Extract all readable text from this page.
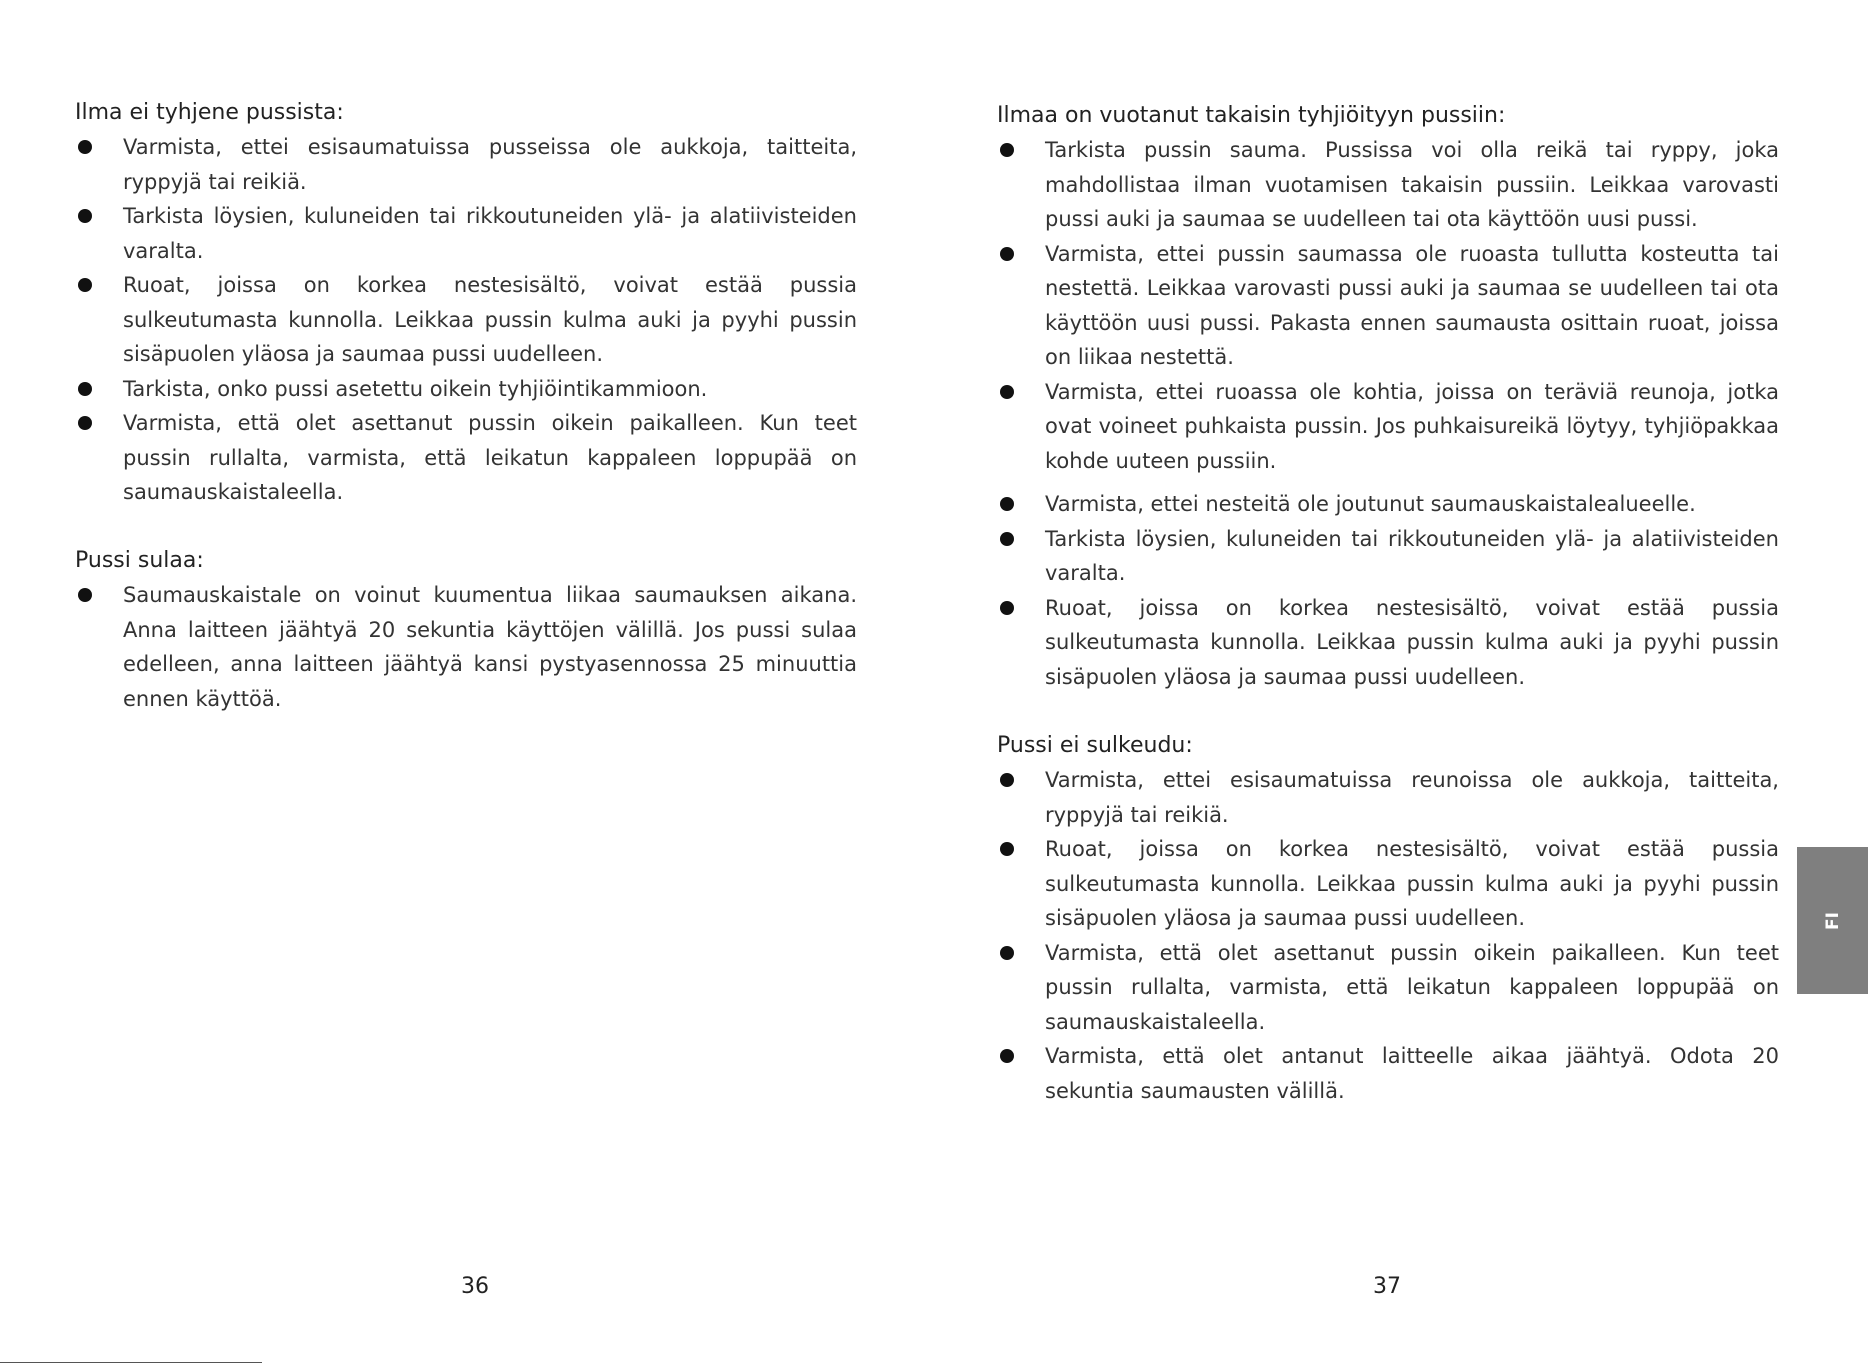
Ilma ei tyhjene pussista:
Varmista, ettei esisaumatuissa pusseissa ole aukkoja, taitteita, ryppyjä tai reikiä.
Tarkista löysien, kuluneiden tai rikkoutuneiden ylä- ja alatiivisteiden varalta.
Ruoat, joissa on korkea nestesisältö, voivat estää pussia sulkeutumasta kunnolla. Leikkaa pussin kulma auki ja pyyhi pussin sisäpuolen yläosa ja saumaa pussi uudelleen.
Tarkista, onko pussi asetettu oikein tyhjiöintikammioon.
Varmista, että olet asettanut pussin oikein paikalleen. Kun teet pussin rullalta, varmista, että leikatun kappaleen loppupää on saumauskaistaleella.
Pussi sulaa:
Saumauskaistale on voinut kuumentua liikaa saumauksen aikana. Anna laitteen jäähtyä 20 sekuntia käyttöjen välillä. Jos pussi sulaa edelleen, anna laitteen jäähtyä kansi pystyasennossa 25 minuuttia ennen käyttöä.
36
Ilmaa on vuotanut takaisin tyhjiöityyn pussiin:
Tarkista pussin sauma. Pussissa voi olla reikä tai ryppy, joka mahdollistaa ilman vuotamisen takaisin pussiin. Leikkaa varovasti pussi auki ja saumaa se uudelleen tai ota käyttöön uusi pussi.
Varmista, ettei pussin saumassa ole ruoasta tullutta kosteutta tai nestettä. Leikkaa varovasti pussi auki ja saumaa se uudelleen tai ota käyttöön uusi pussi. Pakasta ennen saumausta osittain ruoat, joissa on liikaa nestettä.
Varmista, ettei ruoassa ole kohtia, joissa on teräviä reunoja, jotka ovat voineet puhkaista pussin. Jos puhkaisureikä löytyy, tyhjiöpakkaa kohde uuteen pussiin.
Varmista, ettei nesteitä ole joutunut saumauskaistalealueelle.
Tarkista löysien, kuluneiden tai rikkoutuneiden ylä- ja alatiivisteiden varalta.
Ruoat, joissa on korkea nestesisältö, voivat estää pussia sulkeutumasta kunnolla. Leikkaa pussin kulma auki ja pyyhi pussin sisäpuolen yläosa ja saumaa pussi uudelleen.
Pussi ei sulkeudu:
Varmista, ettei esisaumatuissa reunoissa ole aukkoja, taitteita, ryppyjä tai reikiä.
Ruoat, joissa on korkea nestesisältö, voivat estää pussia sulkeutumasta kunnolla. Leikkaa pussin kulma auki ja pyyhi pussin sisäpuolen yläosa ja saumaa pussi uudelleen.
Varmista, että olet asettanut pussin oikein paikalleen. Kun teet pussin rullalta, varmista, että leikatun kappaleen loppupää on saumauskaistaleella.
Varmista, että olet antanut laitteelle aikaa jäähtyä. Odota 20 sekuntia saumausten välillä.
37
FI
